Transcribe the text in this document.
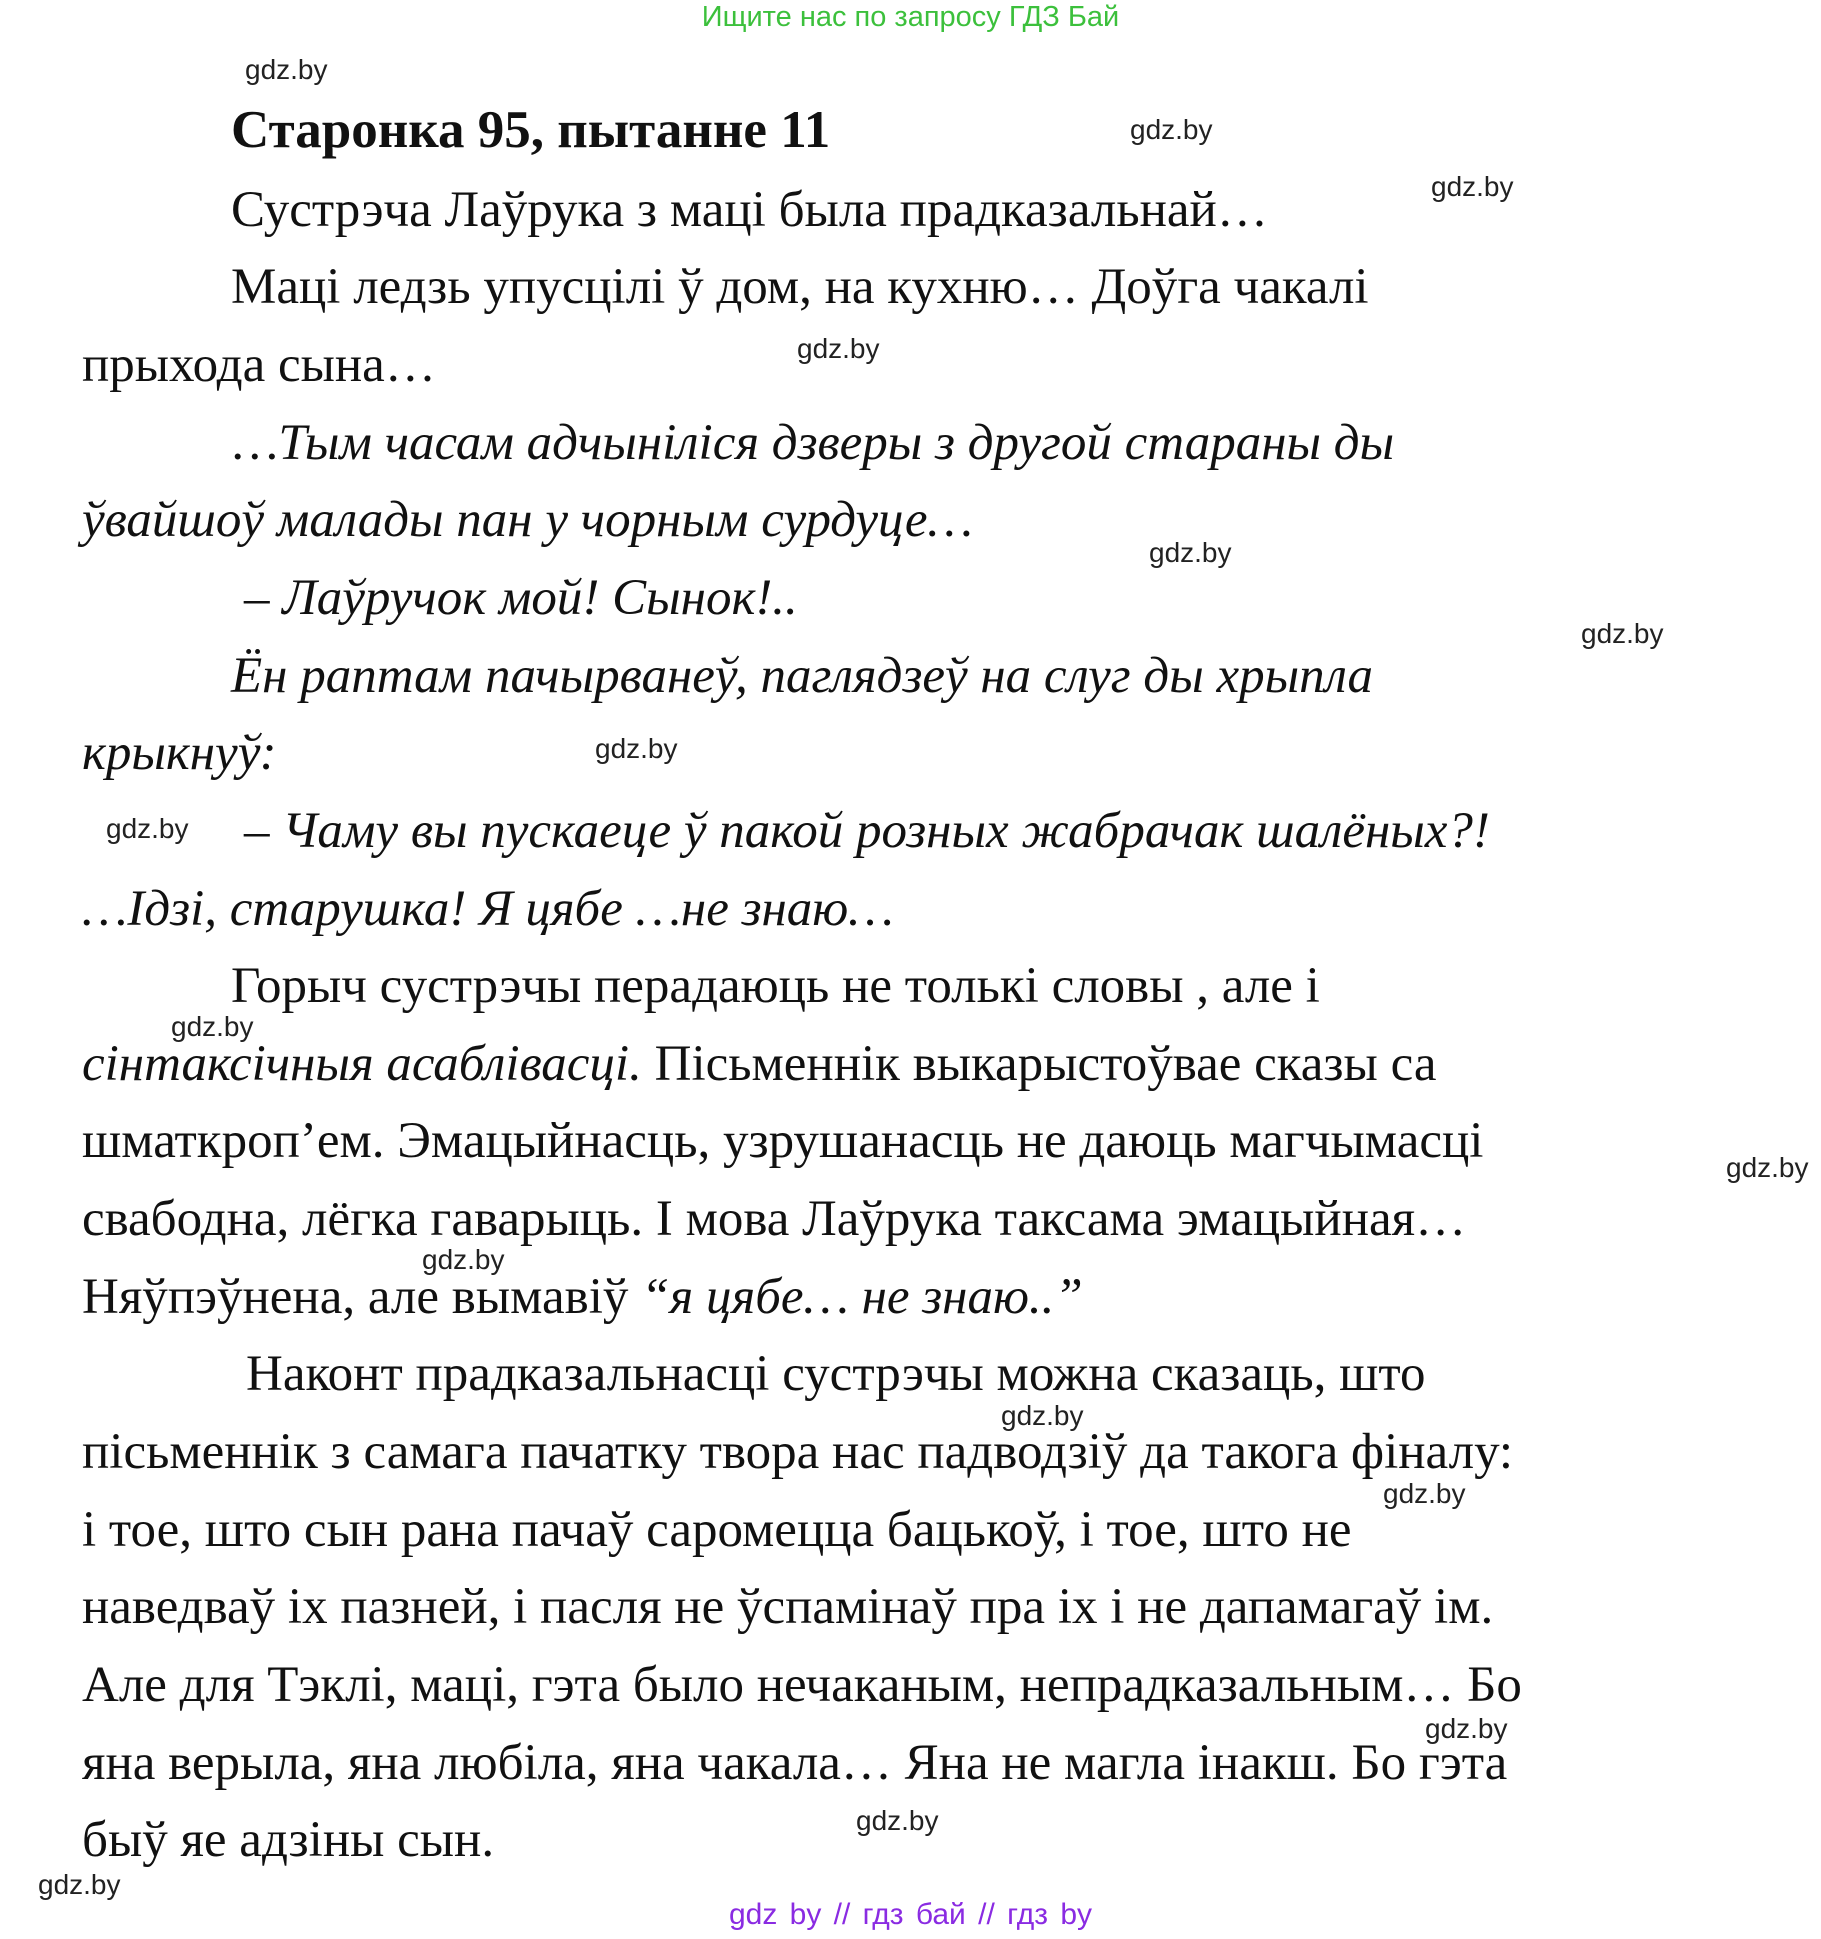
Ищите нас по запросу ГДЗ Бай
gdz.by
gdz.by
gdz.by
gdz.by
gdz.by
gdz.by
gdz.by
gdz.by
gdz.by
gdz.by
gdz.by
gdz.by
gdz.by
gdz.by
gdz.by
gdz.by
Старонка 95, пытанне 11
Сустрэча Лаўрука з маці была прадказальнай…
Маці ледзь упусцілі ў дом, на кухню… Доўга чакалі
прыхода сына…
…Тым часам адчыніліся дзверы з другой стараны ды
ўвайшоў малады пан у чорным сурдуце…
– Лаўручок мой! Сынок!..
Ён раптам пачырванеў, паглядзеў на слуг ды хрыпла
крыкнуў:
– Чаму вы пускаеце ў пакой розных жабрачак шалёных?!
…Ідзі, старушка! Я цябе …не знаю…
Горыч сустрэчы перадаюць не толькі словы , але і
сінтаксічныя асаблівасці. Пісьменнік выкарыстоўвае сказы са
шматкроп’ем. Эмацыйнасць, узрушанасць не даюць магчымасці
свабодна, лёгка гаварыць. І мова Лаўрука таксама эмацыйная…
Няўпэўнена, але вымавіў “я цябе… не знаю..”
Наконт прадказальнасці сустрэчы можна сказаць, што
пісьменнік з самага пачатку твора нас падводзіў да такога фіналу:
і тое, што сын рана пачаў саромецца бацькоў, і тое, што не
наведваў іх пазней, і пасля не ўспамінаў пра іх і не дапамагаў ім.
Але для Тэклі, маці, гэта было нечаканым, непрадказальным… Бо
яна верыла, яна любіла, яна чакала… Яна не магла інакш. Бо гэта
быў яе адзіны сын.
gdz by // гдз бай // гдз by
